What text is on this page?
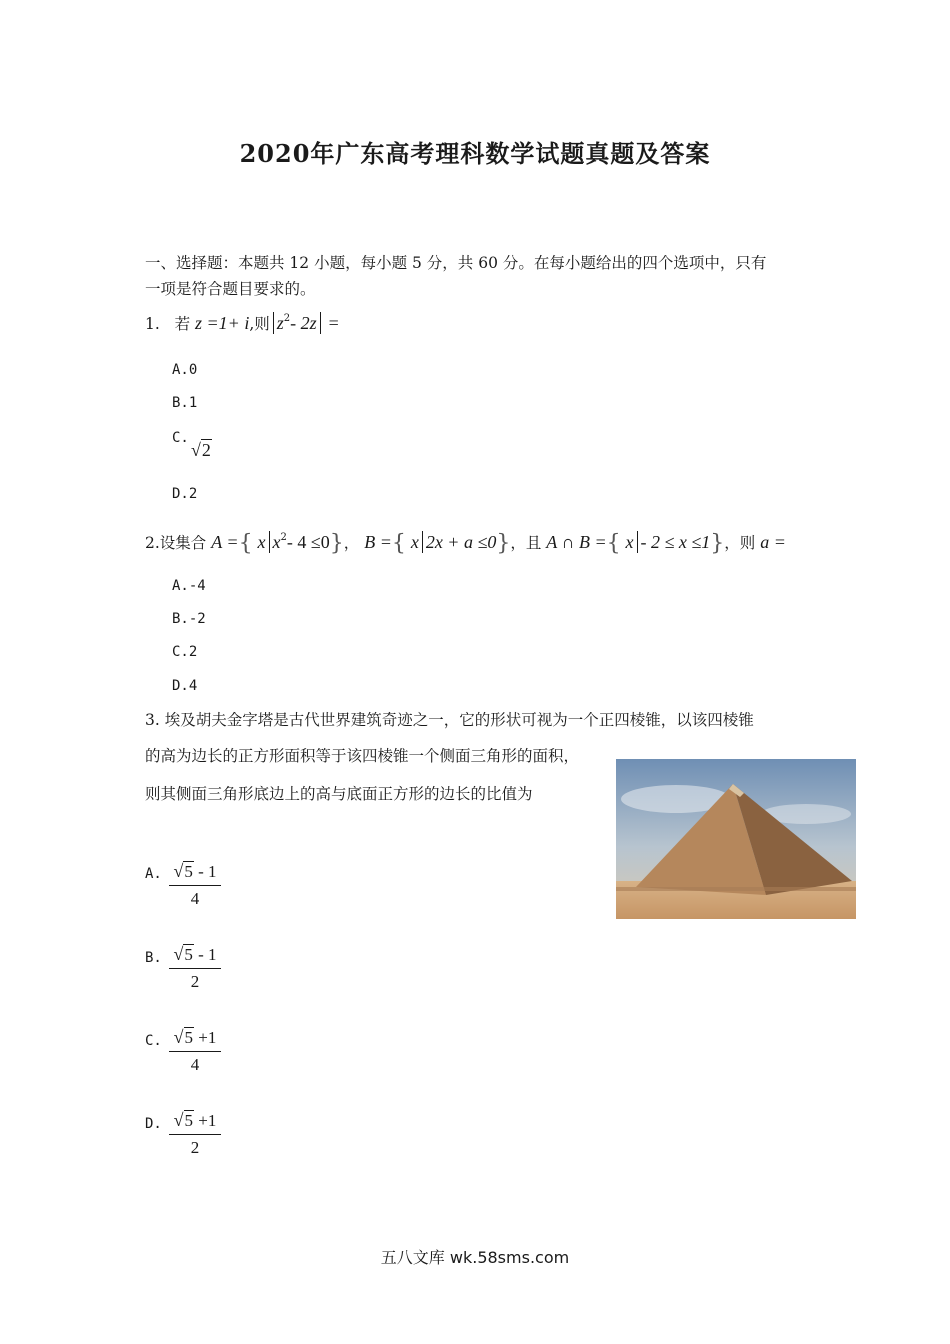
2020年广东高考理科数学试题真题及答案
一、选择题：本题共 12 小题，每小题 5 分，共 60 分。在每小题给出的四个选项中，只有
一项是符合题目要求的。
1. 若 z =1+ i,则 $z^2-$ 2z =
A.0
B.1
C.
√2
D.2
2.设集合 A ={ x $x^2-$ 4 ≤0}， B ={ x 2x + a ≤0}，且 A ∩ B ={ x - 2 ≤ x ≤1}，则 a =
A.-4
B.-2
C.2
D.4
3. 埃及胡夫金字塔是古代世界建筑奇迹之一，它的形状可视为一个正四棱锥，以该四棱锥
的高为边长的正方形面积等于该四棱锥一个侧面三角形的面积，
则其侧面三角形底边上的高与底面正方形的边长的比值为
A. √5 - 1
4
B. √5 - 1
2
C. √5 +1
4
D. √5 +1
2
五八文库 wk.58sms.com
